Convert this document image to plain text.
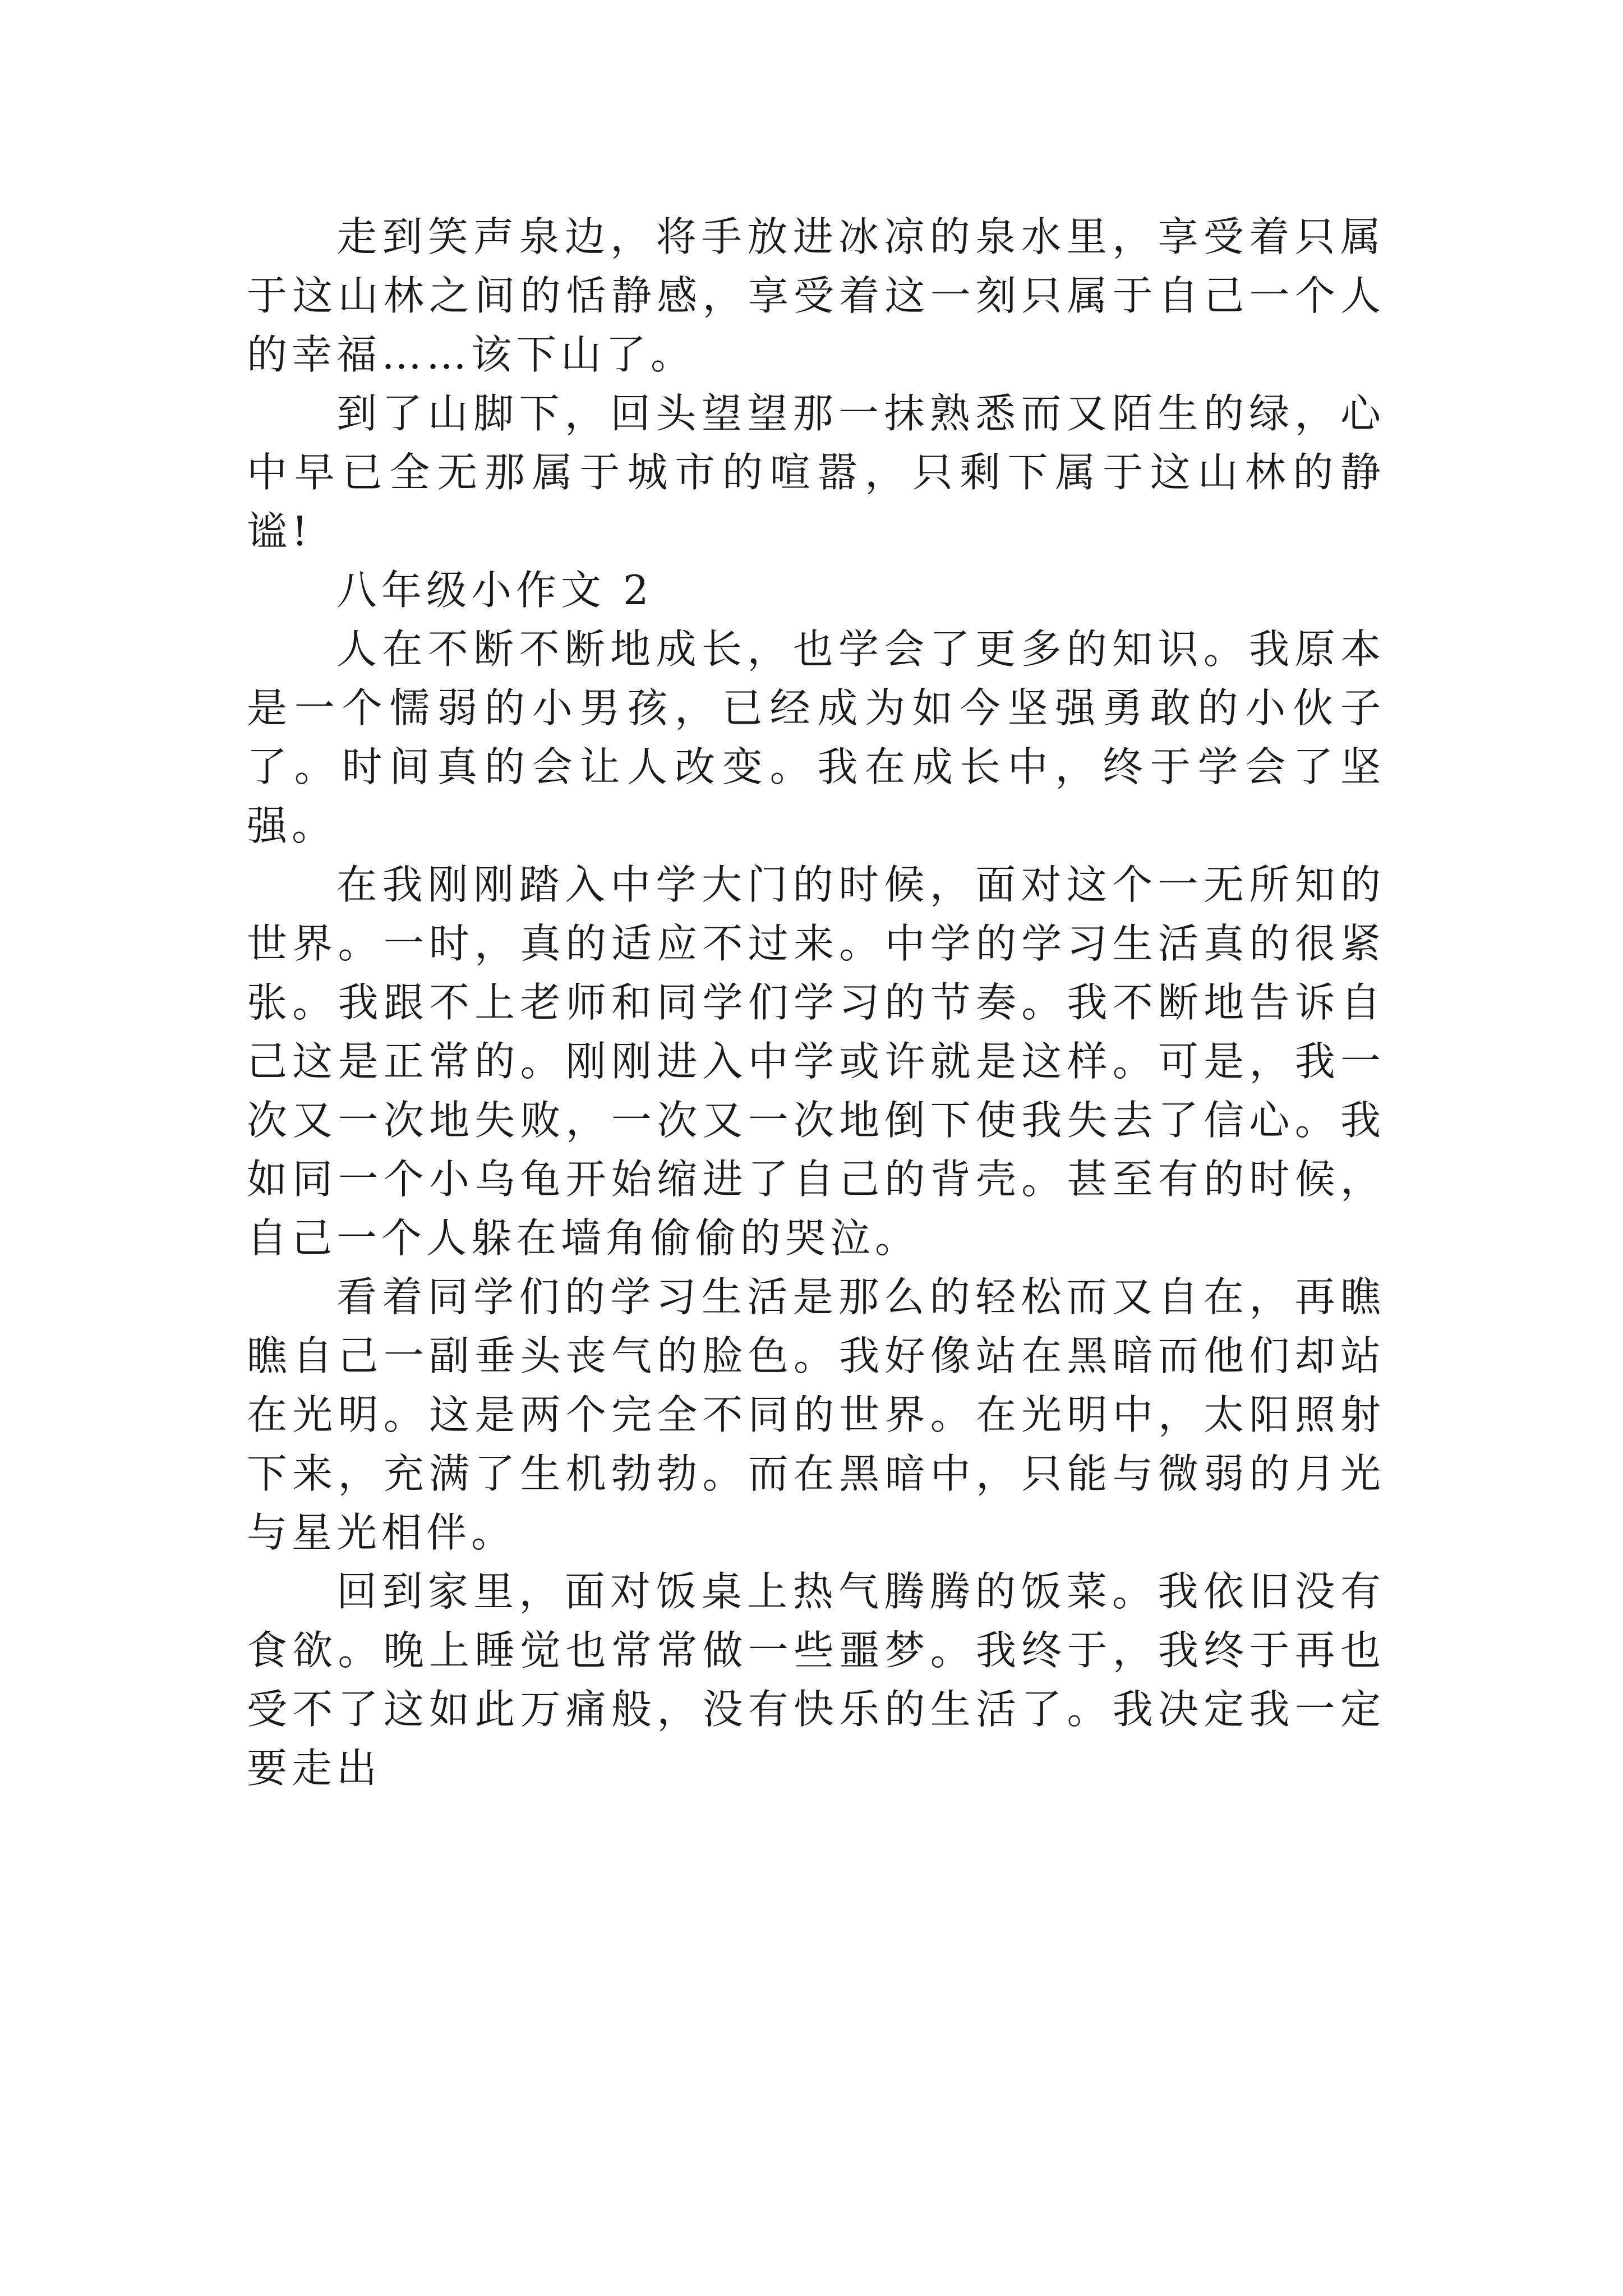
走到笑声泉边，将手放进冰凉的泉水里，享受着只属于这山林之间的恬静感，享受着这一刻只属于自己一个人的幸福……该下山了。

到了山脚下，回头望望那一抹熟悉而又陌生的绿，心中早已全无那属于城市的喧嚣，只剩下属于这山林的静谧!

八年级小作文 2

人在不断不断地成长，也学会了更多的知识。我原本是一个懦弱的小男孩，已经成为如今坚强勇敢的小伙子了。时间真的会让人改变。我在成长中，终于学会了坚强。

在我刚刚踏入中学大门的时候，面对这个一无所知的世界。一时，真的适应不过来。中学的学习生活真的很紧张。我跟不上老师和同学们学习的节奏。我不断地告诉自己这是正常的。刚刚进入中学或许就是这样。可是，我一次又一次地失败，一次又一次地倒下使我失去了信心。我如同一个小乌龟开始缩进了自己的背壳。甚至有的时候，自己一个人躲在墙角偷偷的哭泣。

看着同学们的学习生活是那么的轻松而又自在，再瞧瞧自己一副垂头丧气的脸色。我好像站在黑暗而他们却站在光明。这是两个完全不同的世界。在光明中，太阳照射下来，充满了生机勃勃。而在黑暗中，只能与微弱的月光与星光相伴。

回到家里，面对饭桌上热气腾腾的饭菜。我依旧没有食欲。晚上睡觉也常常做一些噩梦。我终于，我终于再也受不了这如此万痛般，没有快乐的生活了。我决定我一定要走出
